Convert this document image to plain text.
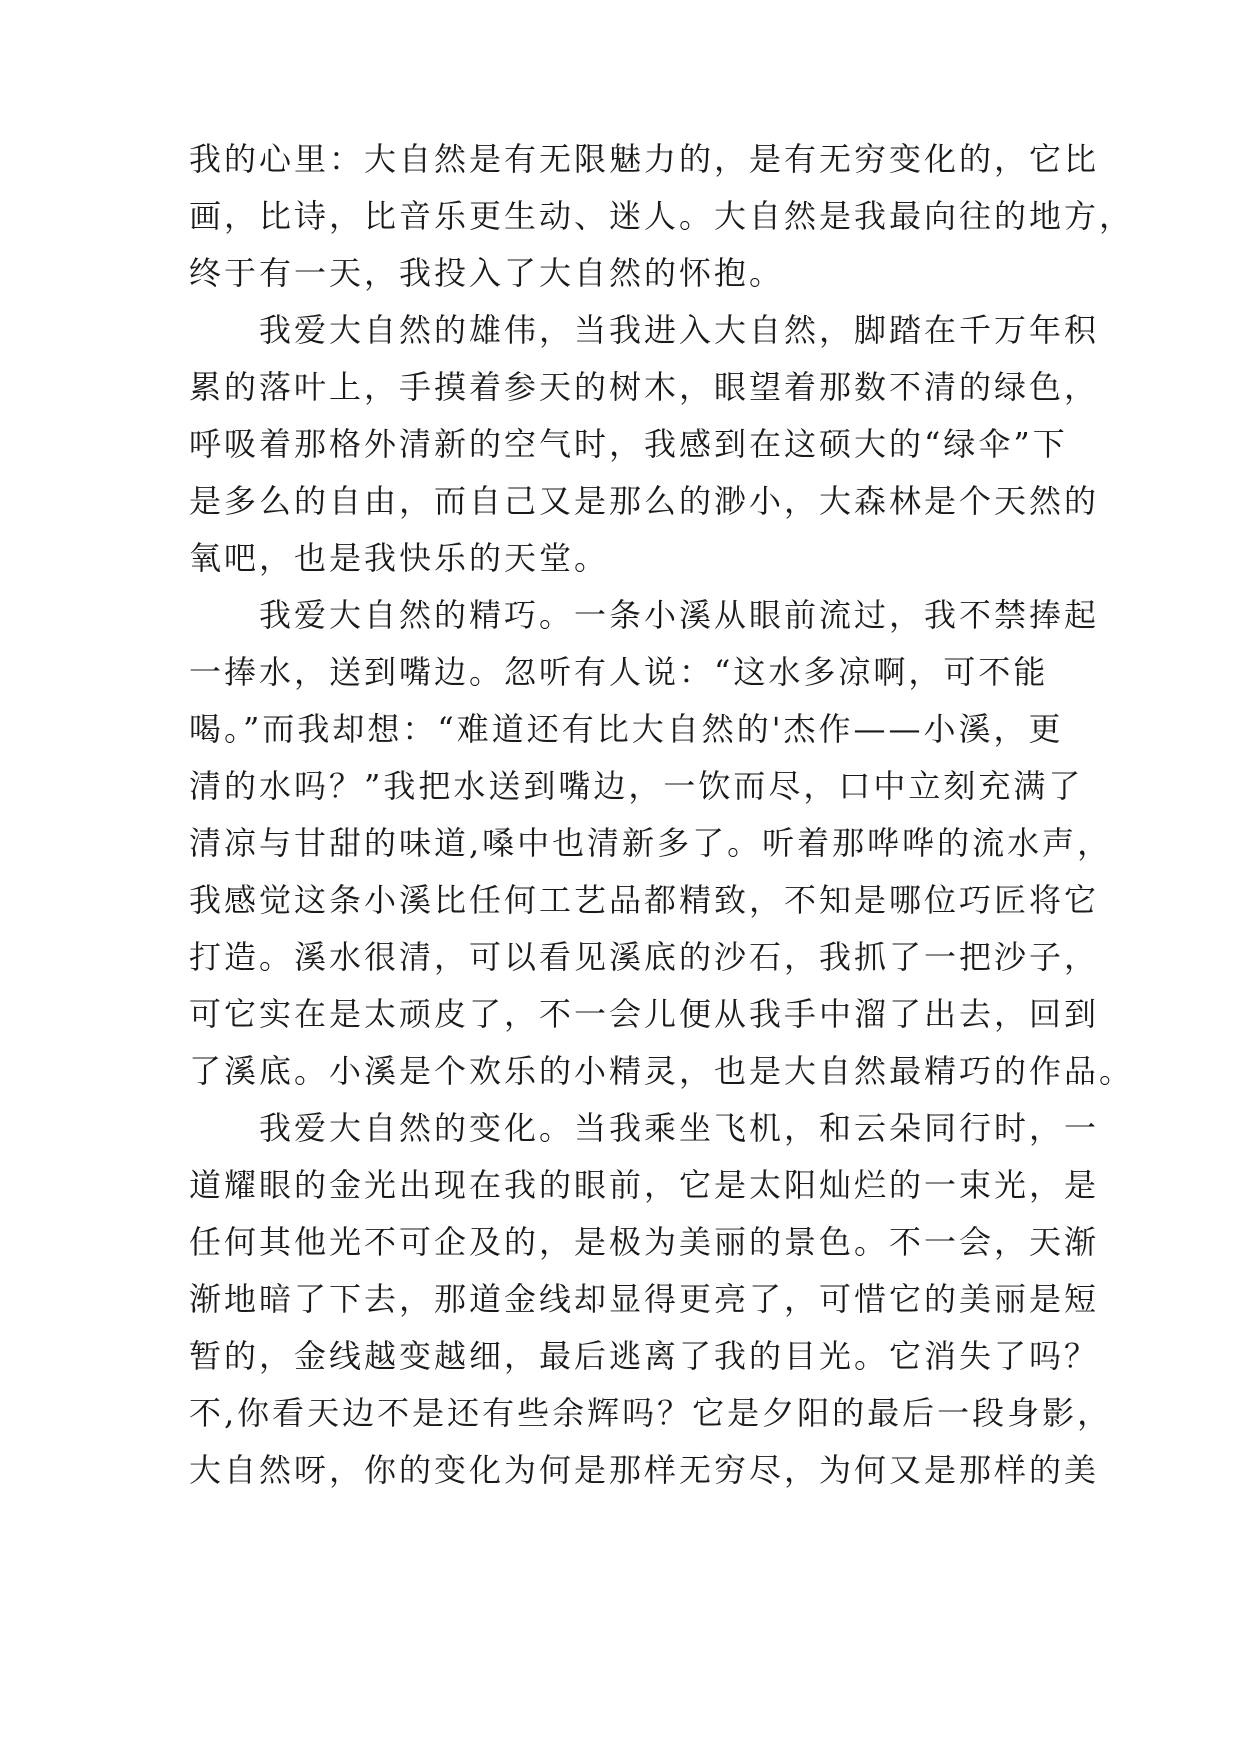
我的心里：大自然是有无限魅力的，是有无穷变化的，它比
画，比诗，比音乐更生动、迷人。大自然是我最向往的地方，
终于有一天，我投入了大自然的怀抱。
我爱大自然的雄伟，当我进入大自然，脚踏在千万年积
累的落叶上，手摸着参天的树木，眼望着那数不清的绿色，
呼吸着那格外清新的空气时，我感到在这硕大的“绿伞”下
是多么的自由，而自己又是那么的渺小，大森林是个天然的
氧吧，也是我快乐的天堂。
我爱大自然的精巧。一条小溪从眼前流过，我不禁捧起
一捧水，送到嘴边。忽听有人说：“这水多凉啊，可不能
喝。”而我却想：“难道还有比大自然的'杰作——小溪，更
清的水吗？”我把水送到嘴边，一饮而尽，口中立刻充满了
清凉与甘甜的味道,嗓中也清新多了。听着那哗哗的流水声，
我感觉这条小溪比任何工艺品都精致，不知是哪位巧匠将它
打造。溪水很清，可以看见溪底的沙石，我抓了一把沙子，
可它实在是太顽皮了，不一会儿便从我手中溜了出去，回到
了溪底。小溪是个欢乐的小精灵，也是大自然最精巧的作品。
我爱大自然的变化。当我乘坐飞机，和云朵同行时，一
道耀眼的金光出现在我的眼前，它是太阳灿烂的一束光，是
任何其他光不可企及的，是极为美丽的景色。不一会，天渐
渐地暗了下去，那道金线却显得更亮了，可惜它的美丽是短
暂的，金线越变越细，最后逃离了我的目光。它消失了吗？
不,你看天边不是还有些余辉吗？它是夕阳的最后一段身影，
大自然呀，你的变化为何是那样无穷尽，为何又是那样的美
